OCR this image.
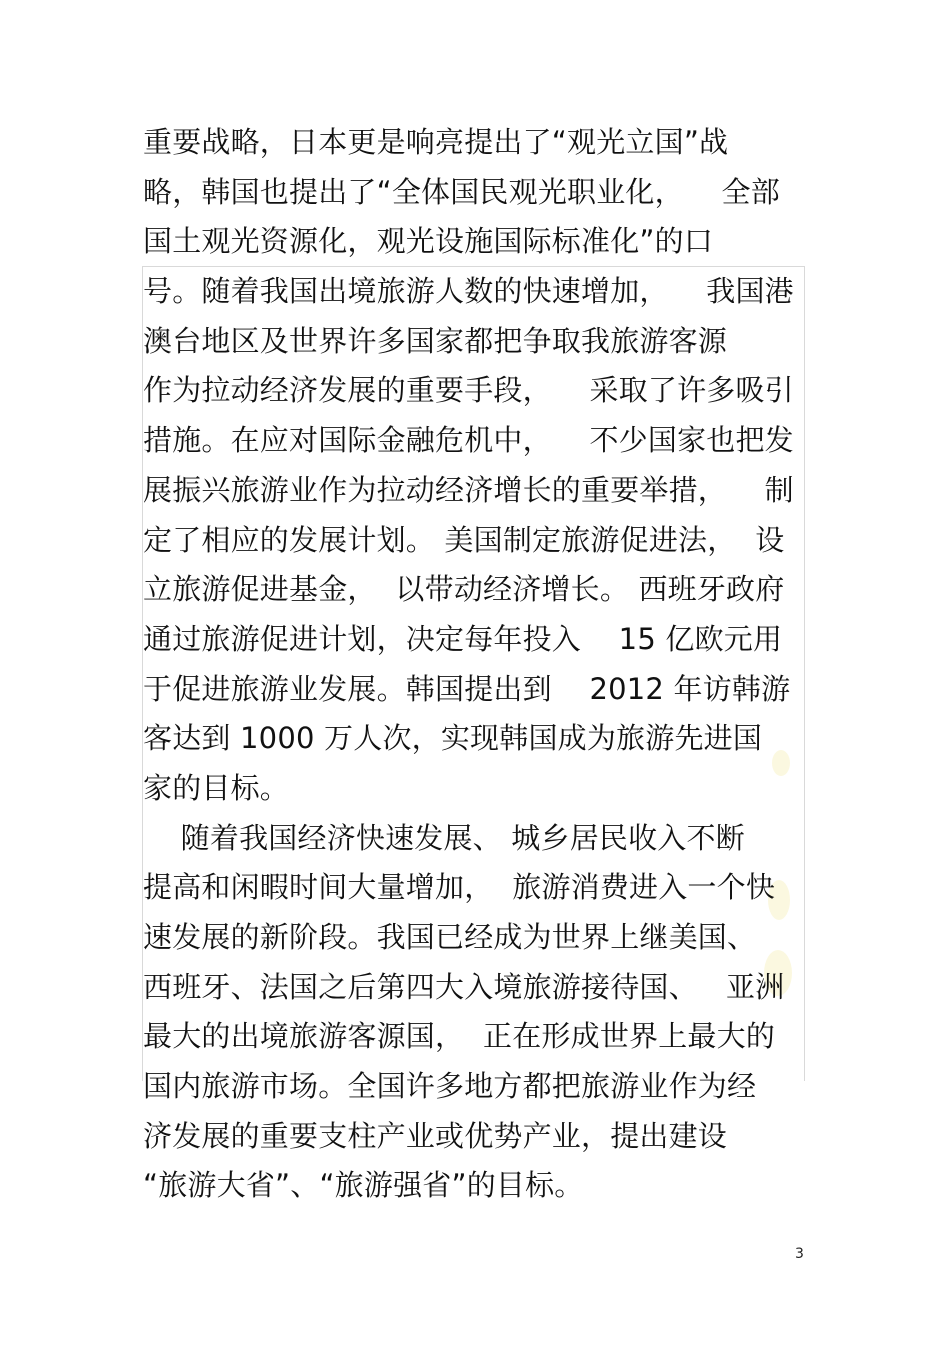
重要战略，日本更是响亮提出了“观光立国”战
略，韩国也提出了“全体国民观光职业化，    全部
国土观光资源化，观光设施国际标准化”的口
号。随着我国出境旅游人数的快速增加，    我国港
澳台地区及世界许多国家都把争取我旅游客源
作为拉动经济发展的重要手段，    采取了许多吸引
措施。在应对国际金融危机中，    不少国家也把发
展振兴旅游业作为拉动经济增长的重要举措，    制
定了相应的发展计划。 美国制定旅游促进法，  设
立旅游促进基金，  以带动经济增长。 西班牙政府
通过旅游促进计划，决定每年投入    15 亿欧元用
于促进旅游业发展。韩国提出到    2012 年访韩游
客达到 1000 万人次，实现韩国成为旅游先进国
家的目标。
随着我国经济快速发展、 城乡居民收入不断
提高和闲暇时间大量增加，  旅游消费进入一个快
速发展的新阶段。我国已经成为世界上继美国、
西班牙、法国之后第四大入境旅游接待国、   亚洲
最大的出境旅游客源国，  正在形成世界上最大的
国内旅游市场。全国许多地方都把旅游业作为经
济发展的重要支柱产业或优势产业，提出建设
“旅游大省”、“旅游强省”的目标。
3
